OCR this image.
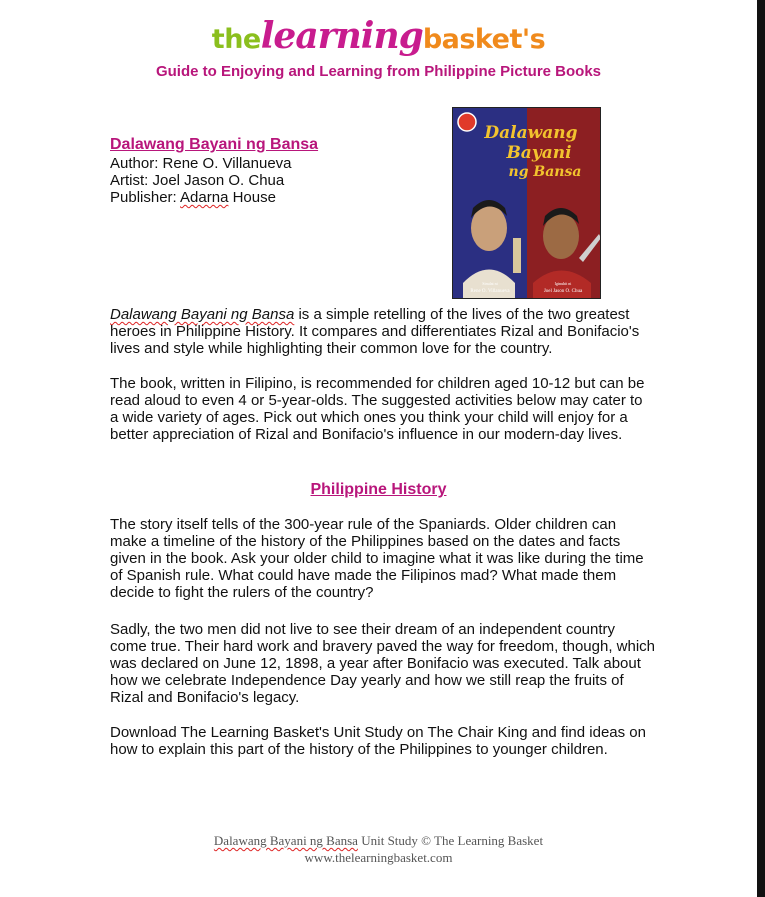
thelearningbasket's
Guide to Enjoying and Learning from Philippine Picture Books
Dalawang Bayani ng Bansa
Author: Rene O. Villanueva
Artist: Joel Jason O. Chua
Publisher: Adarna House
Dalawang
Bayani
ng Bansa
Sinulat ni
Rene O. Villanueva
Iginuhit ni
Joel Jason O. Chua

Dalawang Bayani ng Bansa is a simple retelling of the lives of the two greatest heroes in Philippine History. It compares and differentiates Rizal and Bonifacio's lives and style while highlighting their common love for the country.

The book, written in Filipino, is recommended for children aged 10-12 but can be read aloud to even 4 or 5-year-olds. The suggested activities below may cater to a wide variety of ages. Pick out which ones you think your child will enjoy for a better appreciation of Rizal and Bonifacio's influence in our modern-day lives.

Philippine History

The story itself tells of the 300-year rule of the Spaniards. Older children can make a timeline of the history of the Philippines based on the dates and facts given in the book. Ask your older child to imagine what it was like during the time of Spanish rule. What could have made the Filipinos mad? What made them decide to fight the rulers of the country?

Sadly, the two men did not live to see their dream of an independent country come true. Their hard work and bravery paved the way for freedom, though, which was declared on June 12, 1898, a year after Bonifacio was executed. Talk about how we celebrate Independence Day yearly and how we still reap the fruits of Rizal and Bonifacio's legacy.

Download The Learning Basket's Unit Study on The Chair King and find ideas on how to explain this part of the history of the Philippines to younger children.

Dalawang Bayani ng Bansa Unit Study © The Learning Basket
www.thelearningbasket.com
